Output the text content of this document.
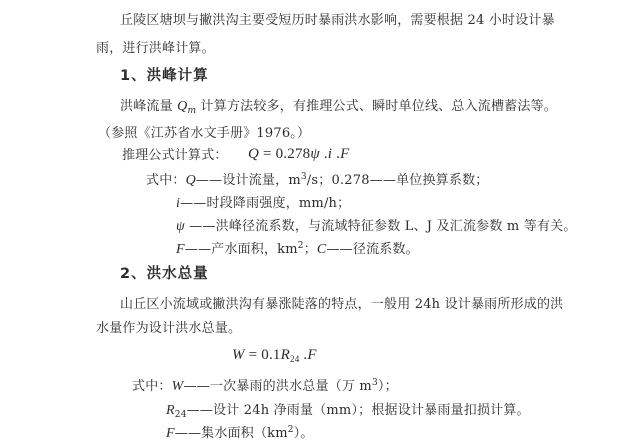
丘陵区塘坝与撇洪沟主要受短历时暴雨洪水影响，需要根据 24 小时设计暴
雨，进行洪峰计算。
1、洪峰计算
洪峰流量 $Q_m$ 计算方法较多，有推理公式、瞬时单位线、总入流槽蓄法等。
（参照《江苏省水文手册》1976。）
推理公式计算式： Q = 0.278ψ .i .F
式中：Q——设计流量，$m^3/s$；0.278——单位换算系数；
i——时段降雨强度，mm/h；
ψ ——洪峰径流系数，与流域特征参数 L、J 及汇流参数 m 等有关。
F——产水面积，$km^2$；C——径流系数。
2、洪水总量
山丘区小流域或撇洪沟有暴涨陡落的特点，一般用 24h 设计暴雨所形成的洪
水量作为设计洪水总量。
$W = 0.1R_{24}$ .F
式中：W——一次暴雨的洪水总量（万 $m^3$）；
$R_{24}——$设计 24h 净雨量（mm）；根据设计暴雨量扣损计算。
F——集水面积$(km^2)$。
